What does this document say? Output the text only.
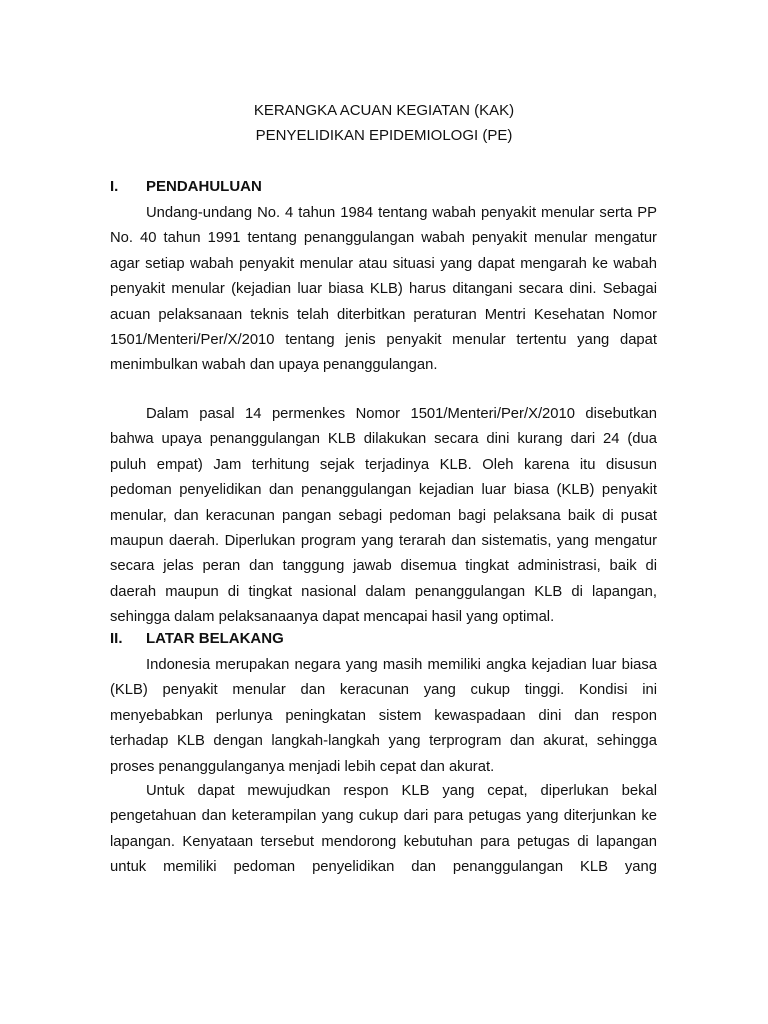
KERANGKA ACUAN KEGIATAN (KAK)
PENYELIDIKAN EPIDEMIOLOGI (PE)
I. PENDAHULUAN

Undang-undang No. 4 tahun 1984 tentang wabah penyakit menular serta PP No. 40 tahun 1991 tentang penanggulangan wabah penyakit menular mengatur agar setiap wabah penyakit menular atau situasi yang dapat mengarah ke wabah penyakit menular (kejadian luar biasa KLB) harus ditangani secara dini. Sebagai acuan pelaksanaan teknis telah diterbitkan peraturan Mentri Kesehatan Nomor 1501/Menteri/Per/X/2010 tentang jenis penyakit menular tertentu yang dapat menimbulkan wabah dan upaya penanggulangan.

Dalam pasal 14 permenkes Nomor 1501/Menteri/Per/X/2010 disebutkan bahwa upaya penanggulangan KLB dilakukan secara dini kurang dari 24 (dua puluh empat) Jam terhitung sejak terjadinya KLB. Oleh karena itu disusun pedoman penyelidikan dan penanggulangan kejadian luar biasa (KLB) penyakit menular, dan keracunan pangan sebagi pedoman bagi pelaksana baik di pusat maupun daerah. Diperlukan program yang terarah dan sistematis, yang mengatur secara jelas peran dan tanggung jawab disemua tingkat administrasi, baik di daerah maupun di tingkat nasional dalam penanggulangan KLB di lapangan, sehingga dalam pelaksanaanya dapat mencapai hasil yang optimal.

II. LATAR BELAKANG

Indonesia merupakan negara yang masih memiliki angka kejadian luar biasa (KLB) penyakit menular dan keracunan yang cukup tinggi. Kondisi ini menyebabkan perlunya peningkatan sistem kewaspadaan dini dan respon terhadap KLB dengan langkah-langkah yang terprogram dan akurat, sehingga proses penanggulanganya menjadi lebih cepat dan akurat.

Untuk dapat mewujudkan respon KLB yang cepat, diperlukan bekal pengetahuan dan keterampilan yang cukup dari para petugas yang diterjunkan ke lapangan. Kenyataan tersebut mendorong kebutuhan para petugas di lapangan untuk memiliki pedoman penyelidikan dan penanggulangan KLB yang
